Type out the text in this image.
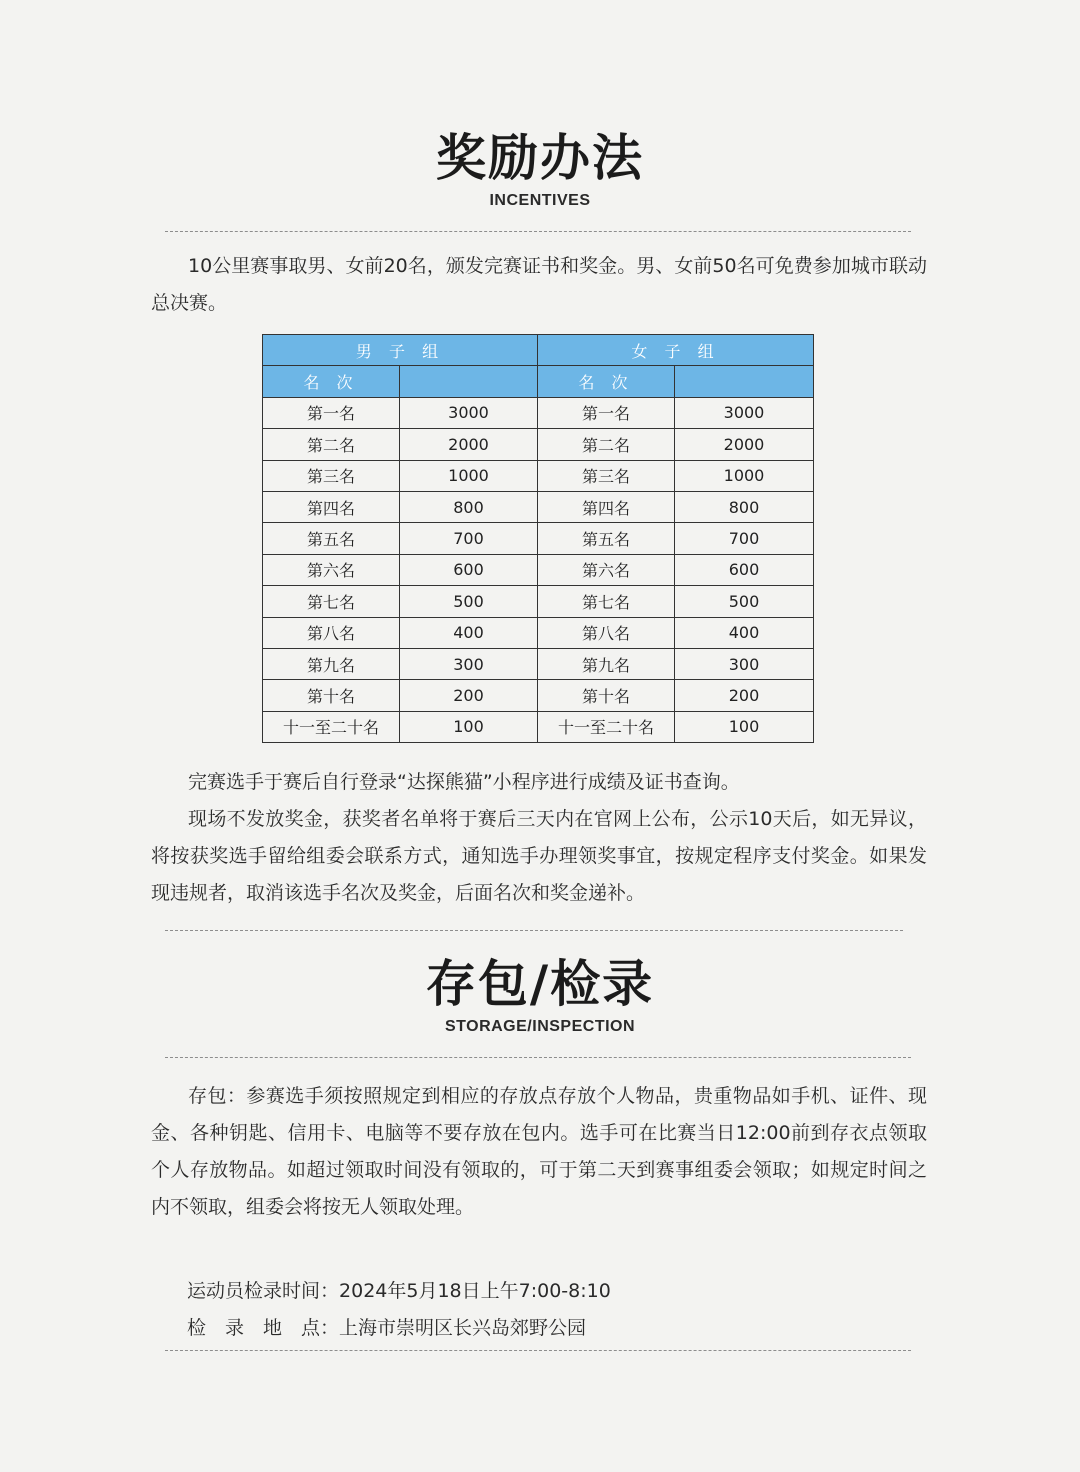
奖励办法
INCENTIVES

10公里赛事取男、女前20名，颁发完赛证书和奖金。男、女前50名可免费参加城市联动总决赛。

男 子 组		女 子 组	
名 次		名 次	
第一名	3000	第一名	3000
第二名	2000	第二名	2000
第三名	1000	第三名	1000
第四名	800	第四名	800
第五名	700	第五名	700
第六名	600	第六名	600
第七名	500	第七名	500
第八名	400	第八名	400
第九名	300	第九名	300
第十名	200	第十名	200
十一至二十名	100	十一至二十名	100

完赛选手于赛后自行登录“达探熊猫”小程序进行成绩及证书查询。

现场不发放奖金，获奖者名单将于赛后三天内在官网上公布，公示10天后，如无异议，将按获奖选手留给组委会联系方式，通知选手办理领奖事宜，按规定程序支付奖金。如果发现违规者，取消该选手名次及奖金，后面名次和奖金递补。

存包/检录
STORAGE/INSPECTION

存包：参赛选手须按照规定到相应的存放点存放个人物品，贵重物品如手机、证件、现金、各种钥匙、信用卡、电脑等不要存放在包内。选手可在比赛当日12:00前到存衣点领取个人存放物品。如超过领取时间没有领取的，可于第二天到赛事组委会领取；如规定时间之内不领取，组委会将按无人领取处理。

运动员检录时间：2024年5月18日上午7:00-8:10
检　录　地　点：上海市崇明区长兴岛郊野公园
